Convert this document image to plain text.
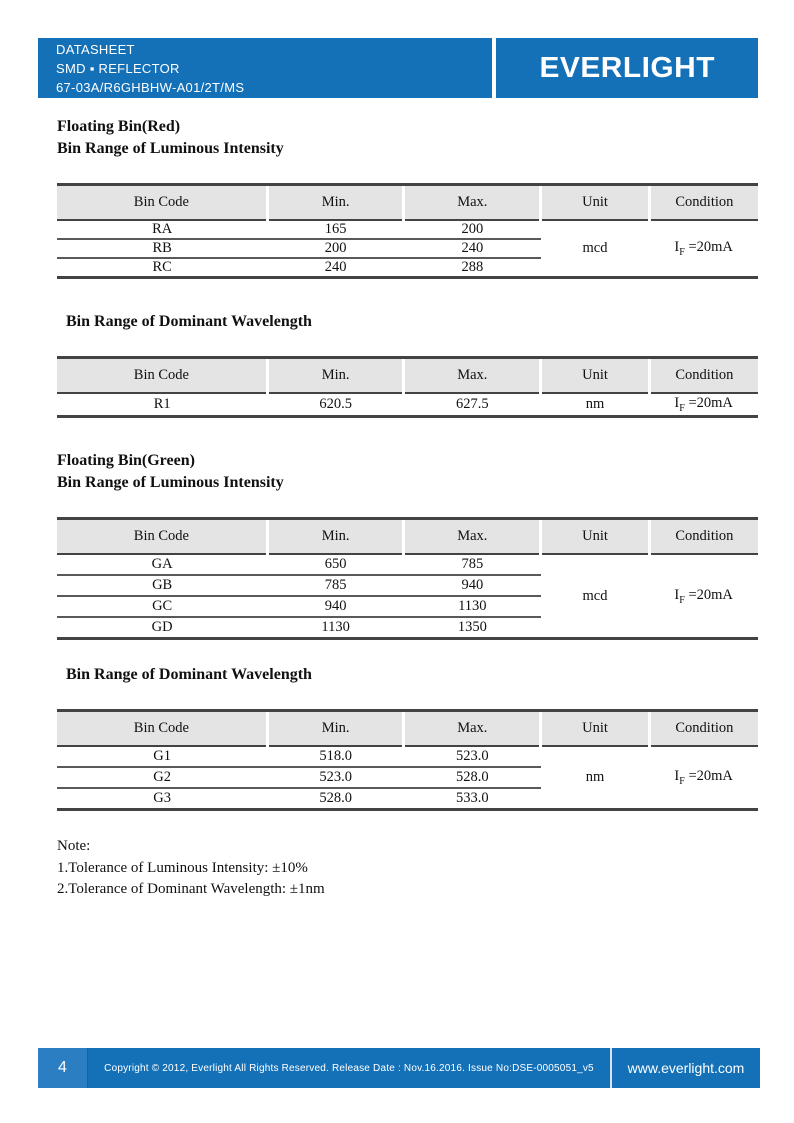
DATASHEET
SMD ▪ REFLECTOR
67-03A/R6GHBHW-A01/2T/MS
EVERLIGHT
Floating Bin(Red)
Bin Range of Luminous Intensity
Bin Code	Min.	Max.	Unit	Condition
RA	165	200	mcd	$I_F =20mA$
RB	200	240		
RC	240	288		
Bin Range of Dominant Wavelength
Bin Code	Min.	Max.	Unit	Condition
R1	620.5	627.5	nm	$I_F =20mA$
Floating Bin(Green)
Bin Range of Luminous Intensity
Bin Code	Min.	Max.	Unit	Condition
GA	650	785	mcd	$I_F =20mA$
GB	785	940		
GC	940	1130		
GD	1130	1350		
Bin Range of Dominant Wavelength
Bin Code	Min.	Max.	Unit	Condition
G1	518.0	523.0	nm	$I_F =20mA$
G2	523.0	528.0		
G3	528.0	533.0		
Note:
1.Tolerance of Luminous Intensity: ±10%
2.Tolerance of Dominant Wavelength: ±1nm
4	Copyright © 2012, Everlight All Rights Reserved. Release Date : Nov.16.2016. Issue No:DSE-0005051_v5	www.everlight.com
